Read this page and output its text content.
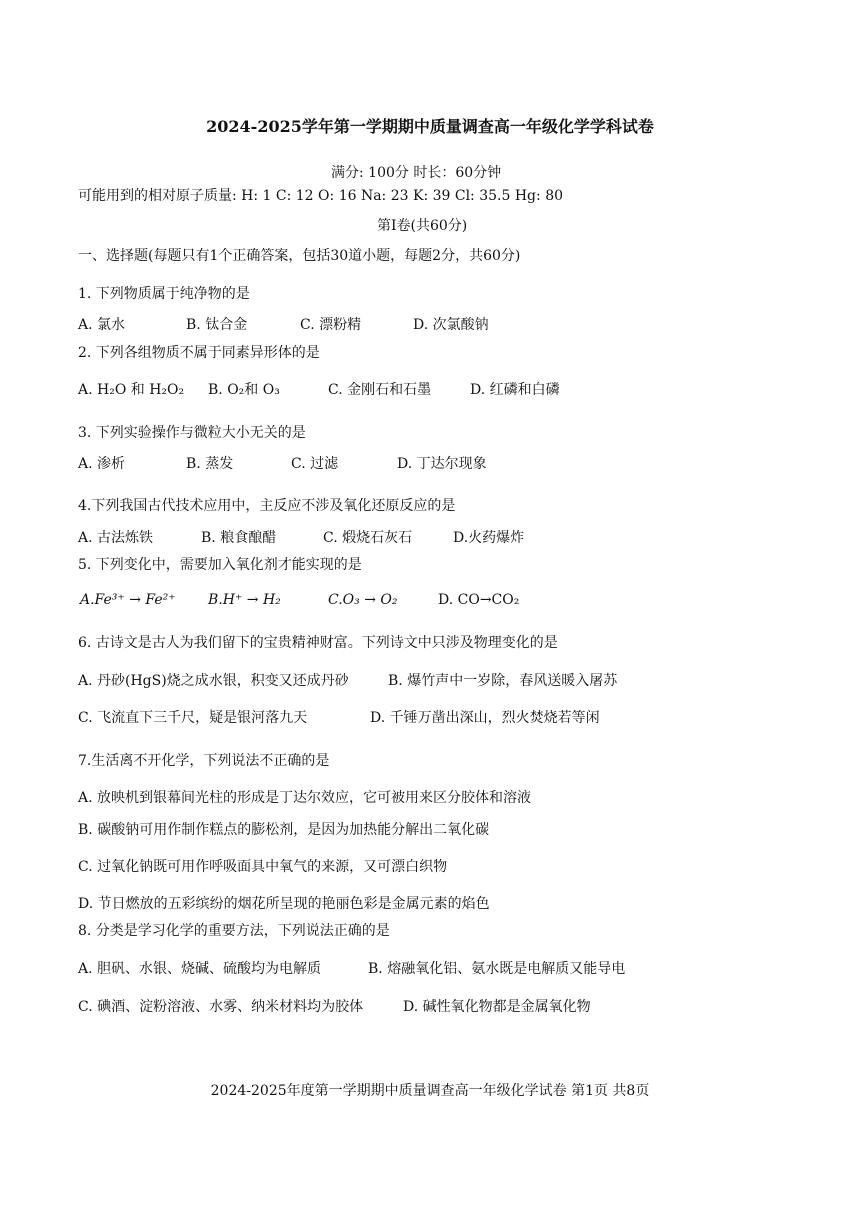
2024-2025学年第一学期期中质量调查高一年级化学学科试卷
满分: 100分 时长：60分钟
可能用到的相对原子质量: H: 1 C: 12 O: 16 Na: 23 K: 39 Cl: 35.5 Hg: 80
第Ⅰ卷(共60分)
一、选择题(每题只有1个正确答案，包括30道小题，每题2分，共60分)
1. 下列物质属于纯净物的是
A. 氯水	B. 钛合金	C. 漂粉精	D. 次氯酸钠
2. 下列各组物质不属于同素异形体的是
A. H₂O 和 H₂O₂ B. O₂和 O₃	C. 金刚石和石墨	D. 红磷和白磷
3. 下列实验操作与微粒大小无关的是
A. 渗析	B. 蒸发	C. 过滤	D. 丁达尔现象
4.下列我国古代技术应用中，主反应不涉及氧化还原反应的是
A. 古法炼铁	B. 粮食酿醋	C. 煅烧石灰石	D.火药爆炸
5. 下列变化中，需要加入氧化剂才能实现的是
A.Fe³⁺ → Fe²⁺ B.H⁺ → H₂	C.O₃ → O₂	D. CO→CO₂
6. 古诗文是古人为我们留下的宝贵精神财富。下列诗文中只涉及物理变化的是
A. 丹砂(HgS)烧之成水银，积变又还成丹砂	B. 爆竹声中一岁除，春风送暖入屠苏
C. 飞流直下三千尺，疑是银河落九天	D. 千锤万凿出深山，烈火焚烧若等闲
7.生活离不开化学，下列说法不正确的是
A. 放映机到银幕间光柱的形成是丁达尔效应，它可被用来区分胶体和溶液
B. 碳酸钠可用作制作糕点的膨松剂，是因为加热能分解出二氧化碳
C. 过氧化钠既可用作呼吸面具中氧气的来源，又可漂白织物
D. 节日燃放的五彩缤纷的烟花所呈现的艳丽色彩是金属元素的焰色
8. 分类是学习化学的重要方法，下列说法正确的是
A. 胆矾、水银、烧碱、硫酸均为电解质	B. 熔融氧化铝、氨水既是电解质又能导电
C. 碘酒、淀粉溶液、水雾、纳米材料均为胶体	D. 碱性氧化物都是金属氧化物
2024-2025年度第一学期期中质量调查高一年级化学试卷 第1页 共8页
